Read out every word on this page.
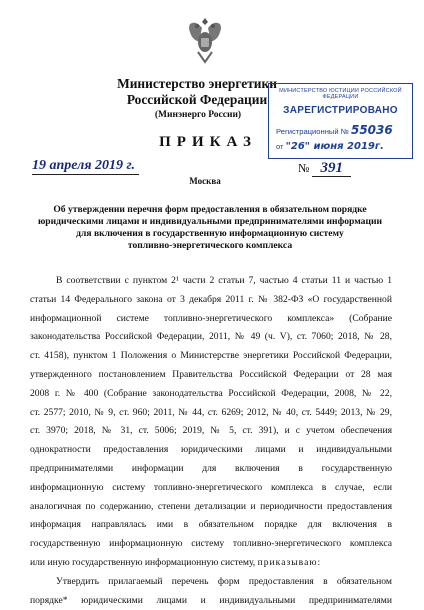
Министерство энергетики
Российской Федерации
(Минэнерго России)
МИНИСТЕРСТВО ЮСТИЦИИ РОССИЙСКОЙ ФЕДЕРАЦИИ
ЗАРЕГИСТРИРОВАНО
Регистрационный № 55036
от "26" июня 2019г.
ПРИКАЗ
19 апреля 2019 г.	№ 391
Москва
Об утверждении перечня форм предоставления в обязательном порядке
юридическими лицами и индивидуальными предпринимателями информации
для включения в государственную информационную систему
топливно-энергетического комплекса
В соответствии с пунктом 2¹ части 2 статьи 7, частью 4 статьи 11 и частью 1
статьи 14 Федерального закона от 3 декабря 2011 г. № 382-ФЗ «О государственной
информационной системе топливно-энергетического комплекса» (Собрание
законодательства Российской Федерации, 2011, № 49 (ч. V), ст. 7060; 2018, № 28,
ст. 4158), пунктом 1 Положения о Министерстве энергетики Российской Федерации,
утвержденного постановлением Правительства Российской Федерации от 28 мая
2008 г. № 400 (Собрание законодательства Российской Федерации, 2008, № 22,
ст. 2577; 2010, № 9, ст. 960; 2011, № 44, ст. 6269; 2012, № 40, ст. 5449; 2013, № 29,
ст. 3970; 2018, № 31, ст. 5006; 2019, № 5, ст. 391), и с учетом обеспечения
однократности предоставления юридическими лицами и индивидуальными
предпринимателями информации для включения в государственную
информационную систему топливно-энергетического комплекса в случае, если
аналогичная по содержанию, степени детализации и периодичности предоставления
информация направлялась ими в обязательном порядке для включения в
государственную информационную систему топливно-энергетического комплекса
или иную государственную информационную систему, приказываю:
Утвердить прилагаемый перечень форм предоставления в обязательном
порядке* юридическими лицами и индивидуальными предпринимателями
